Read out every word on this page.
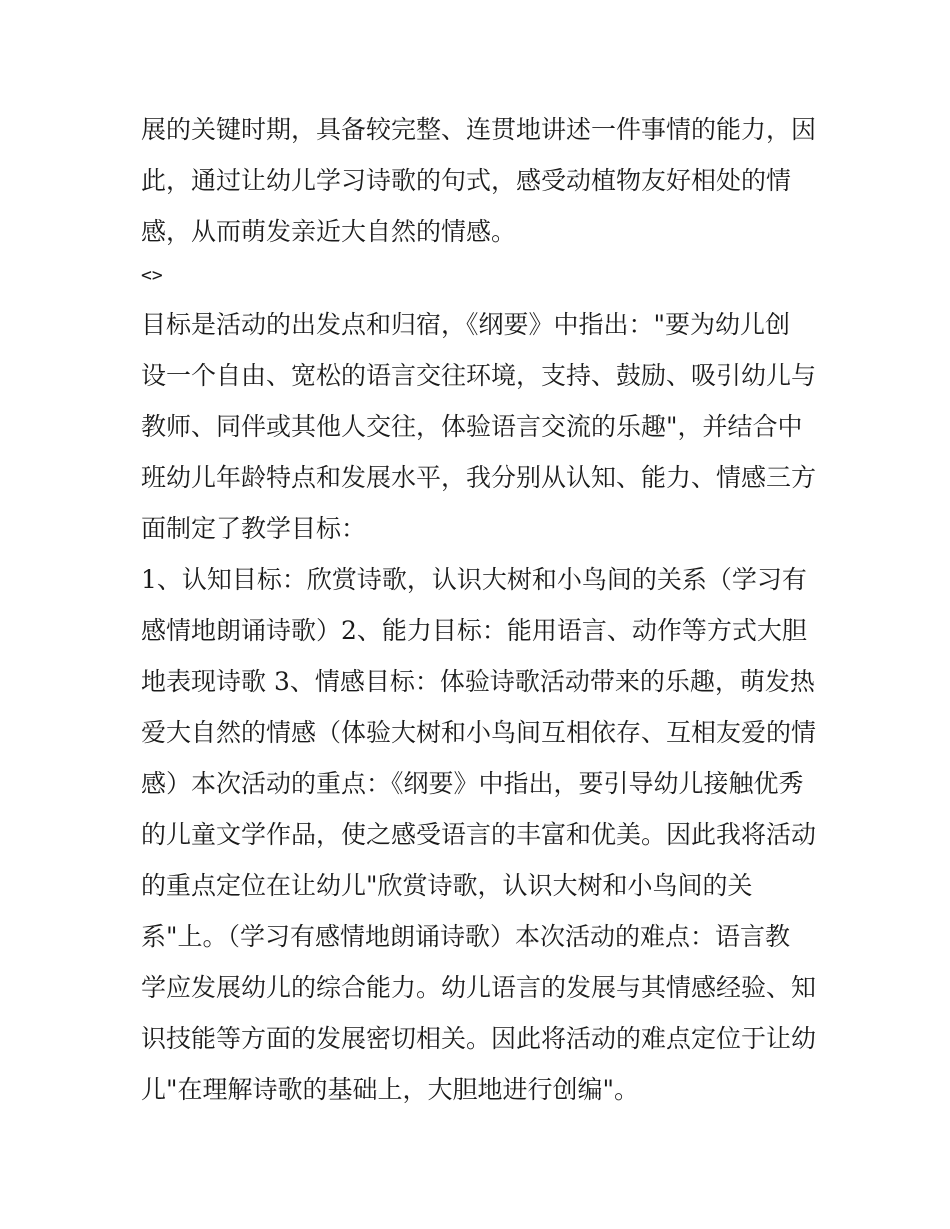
展的关键时期，具备较完整、连贯地讲述一件事情的能力，因
此，通过让幼儿学习诗歌的句式，感受动植物友好相处的情
感，从而萌发亲近大自然的情感。
<>
目标是活动的出发点和归宿，《纲要》中指出："要为幼儿创
设一个自由、宽松的语言交往环境，支持、鼓励、吸引幼儿与
教师、同伴或其他人交往，体验语言交流的乐趣"，并结合中
班幼儿年龄特点和发展水平，我分别从认知、能力、情感三方
面制定了教学目标：
1、认知目标：欣赏诗歌，认识大树和小鸟间的关系（学习有
感情地朗诵诗歌）2、能力目标：能用语言、动作等方式大胆
地表现诗歌 3、情感目标：体验诗歌活动带来的乐趣，萌发热
爱大自然的情感（体验大树和小鸟间互相依存、互相友爱的情
感）本次活动的重点：《纲要》中指出，要引导幼儿接触优秀
的儿童文学作品，使之感受语言的丰富和优美。因此我将活动
的重点定位在让幼儿"欣赏诗歌，认识大树和小鸟间的关
系"上。（学习有感情地朗诵诗歌）本次活动的难点：语言教
学应发展幼儿的综合能力。幼儿语言的发展与其情感经验、知
识技能等方面的发展密切相关。因此将活动的难点定位于让幼
儿"在理解诗歌的基础上，大胆地进行创编"。
